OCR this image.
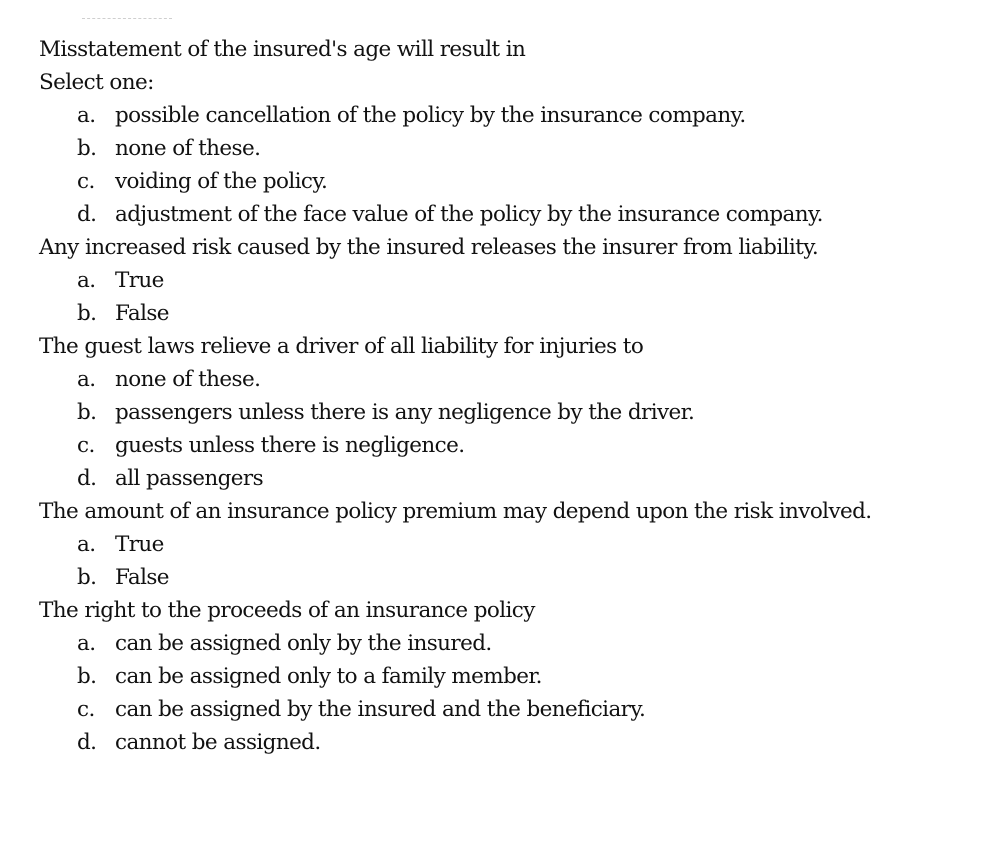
Misstatement of the insured's age will result in
Select one:
a. possible cancellation of the policy by the insurance company.
b. none of these.
c. voiding of the policy.
d. adjustment of the face value of the policy by the insurance company.
Any increased risk caused by the insured releases the insurer from liability.
a. True
b. False
The guest laws relieve a driver of all liability for injuries to
a. none of these.
b. passengers unless there is any negligence by the driver.
c. guests unless there is negligence.
d. all passengers
The amount of an insurance policy premium may depend upon the risk involved.
a. True
b. False
The right to the proceeds of an insurance policy
a. can be assigned only by the insured.
b. can be assigned only to a family member.
c. can be assigned by the insured and the beneficiary.
d. cannot be assigned.
